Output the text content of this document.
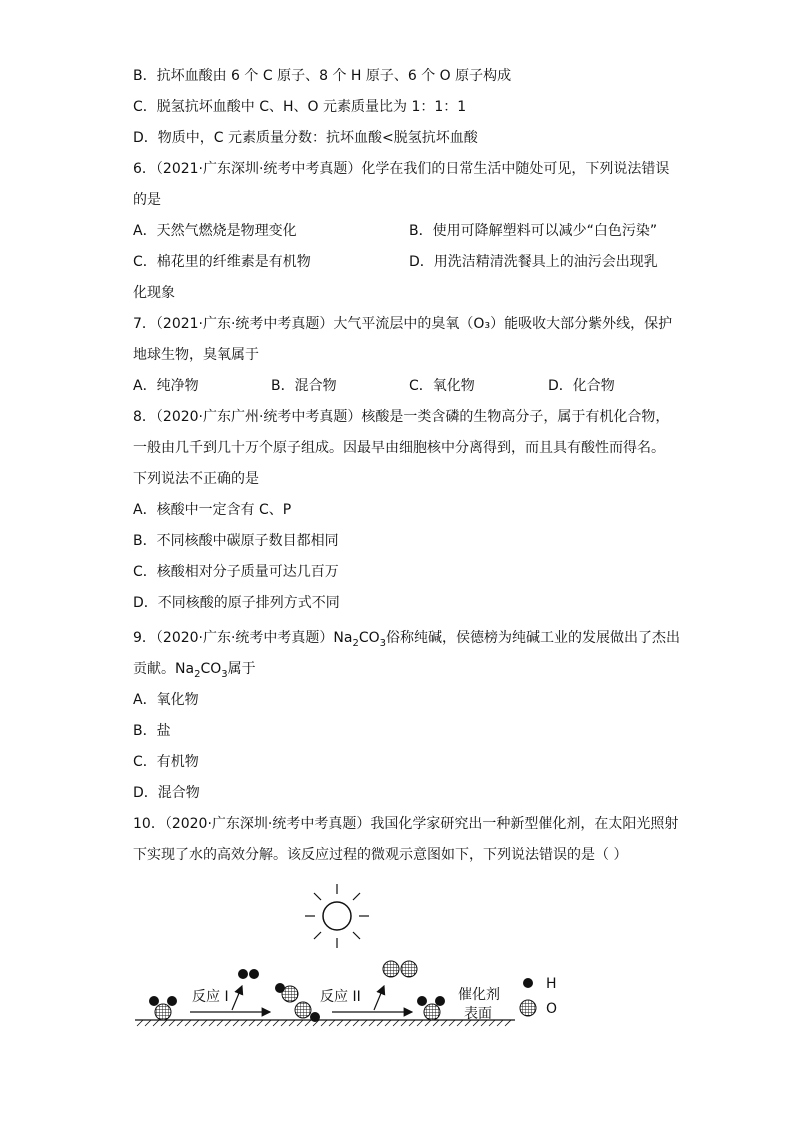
B．抗坏血酸由 6 个 C 原子、8 个 H 原子、6 个 O 原子构成
C．脱氢抗坏血酸中 C、H、O 元素质量比为 1：1：1
D．物质中，C 元素质量分数：抗坏血酸<脱氢抗坏血酸
6．（2021·广东深圳·统考中考真题）化学在我们的日常生活中随处可见，下列说法错误
的是
A．天然气燃烧是物理变化	B．使用可降解塑料可以减少“白色污染”
C．棉花里的纤维素是有机物	D．用洗洁精清洗餐具上的油污会出现乳
化现象
7．（2021·广东·统考中考真题）大气平流层中的臭氧（O₃）能吸收大部分紫外线，保护
地球生物，臭氧属于
A．纯净物	B．混合物	C．氧化物	D．化合物
8．（2020·广东广州·统考中考真题）核酸是一类含磷的生物高分子，属于有机化合物，
一般由几千到几十万个原子组成。因最早由细胞核中分离得到，而且具有酸性而得名。
下列说法不正确的是
A．核酸中一定含有 C、P
B．不同核酸中碳原子数目都相同
C．核酸相对分子质量可达几百万
D．不同核酸的原子排列方式不同
9．（2020·广东·统考中考真题）$Na_2CO_3$俗称纯碱，侯德榜为纯碱工业的发展做出了杰出
贡献。$Na_2CO_3$属于
A．氧化物
B．盐
C．有机物
D．混合物
10．（2020·广东深圳·统考中考真题）我国化学家研究出一种新型催化剂，在太阳光照射
下实现了水的高效分解。该反应过程的微观示意图如下，下列说法错误的是（ ）
反应 I	反应 II	催化剂
表面
H
O
